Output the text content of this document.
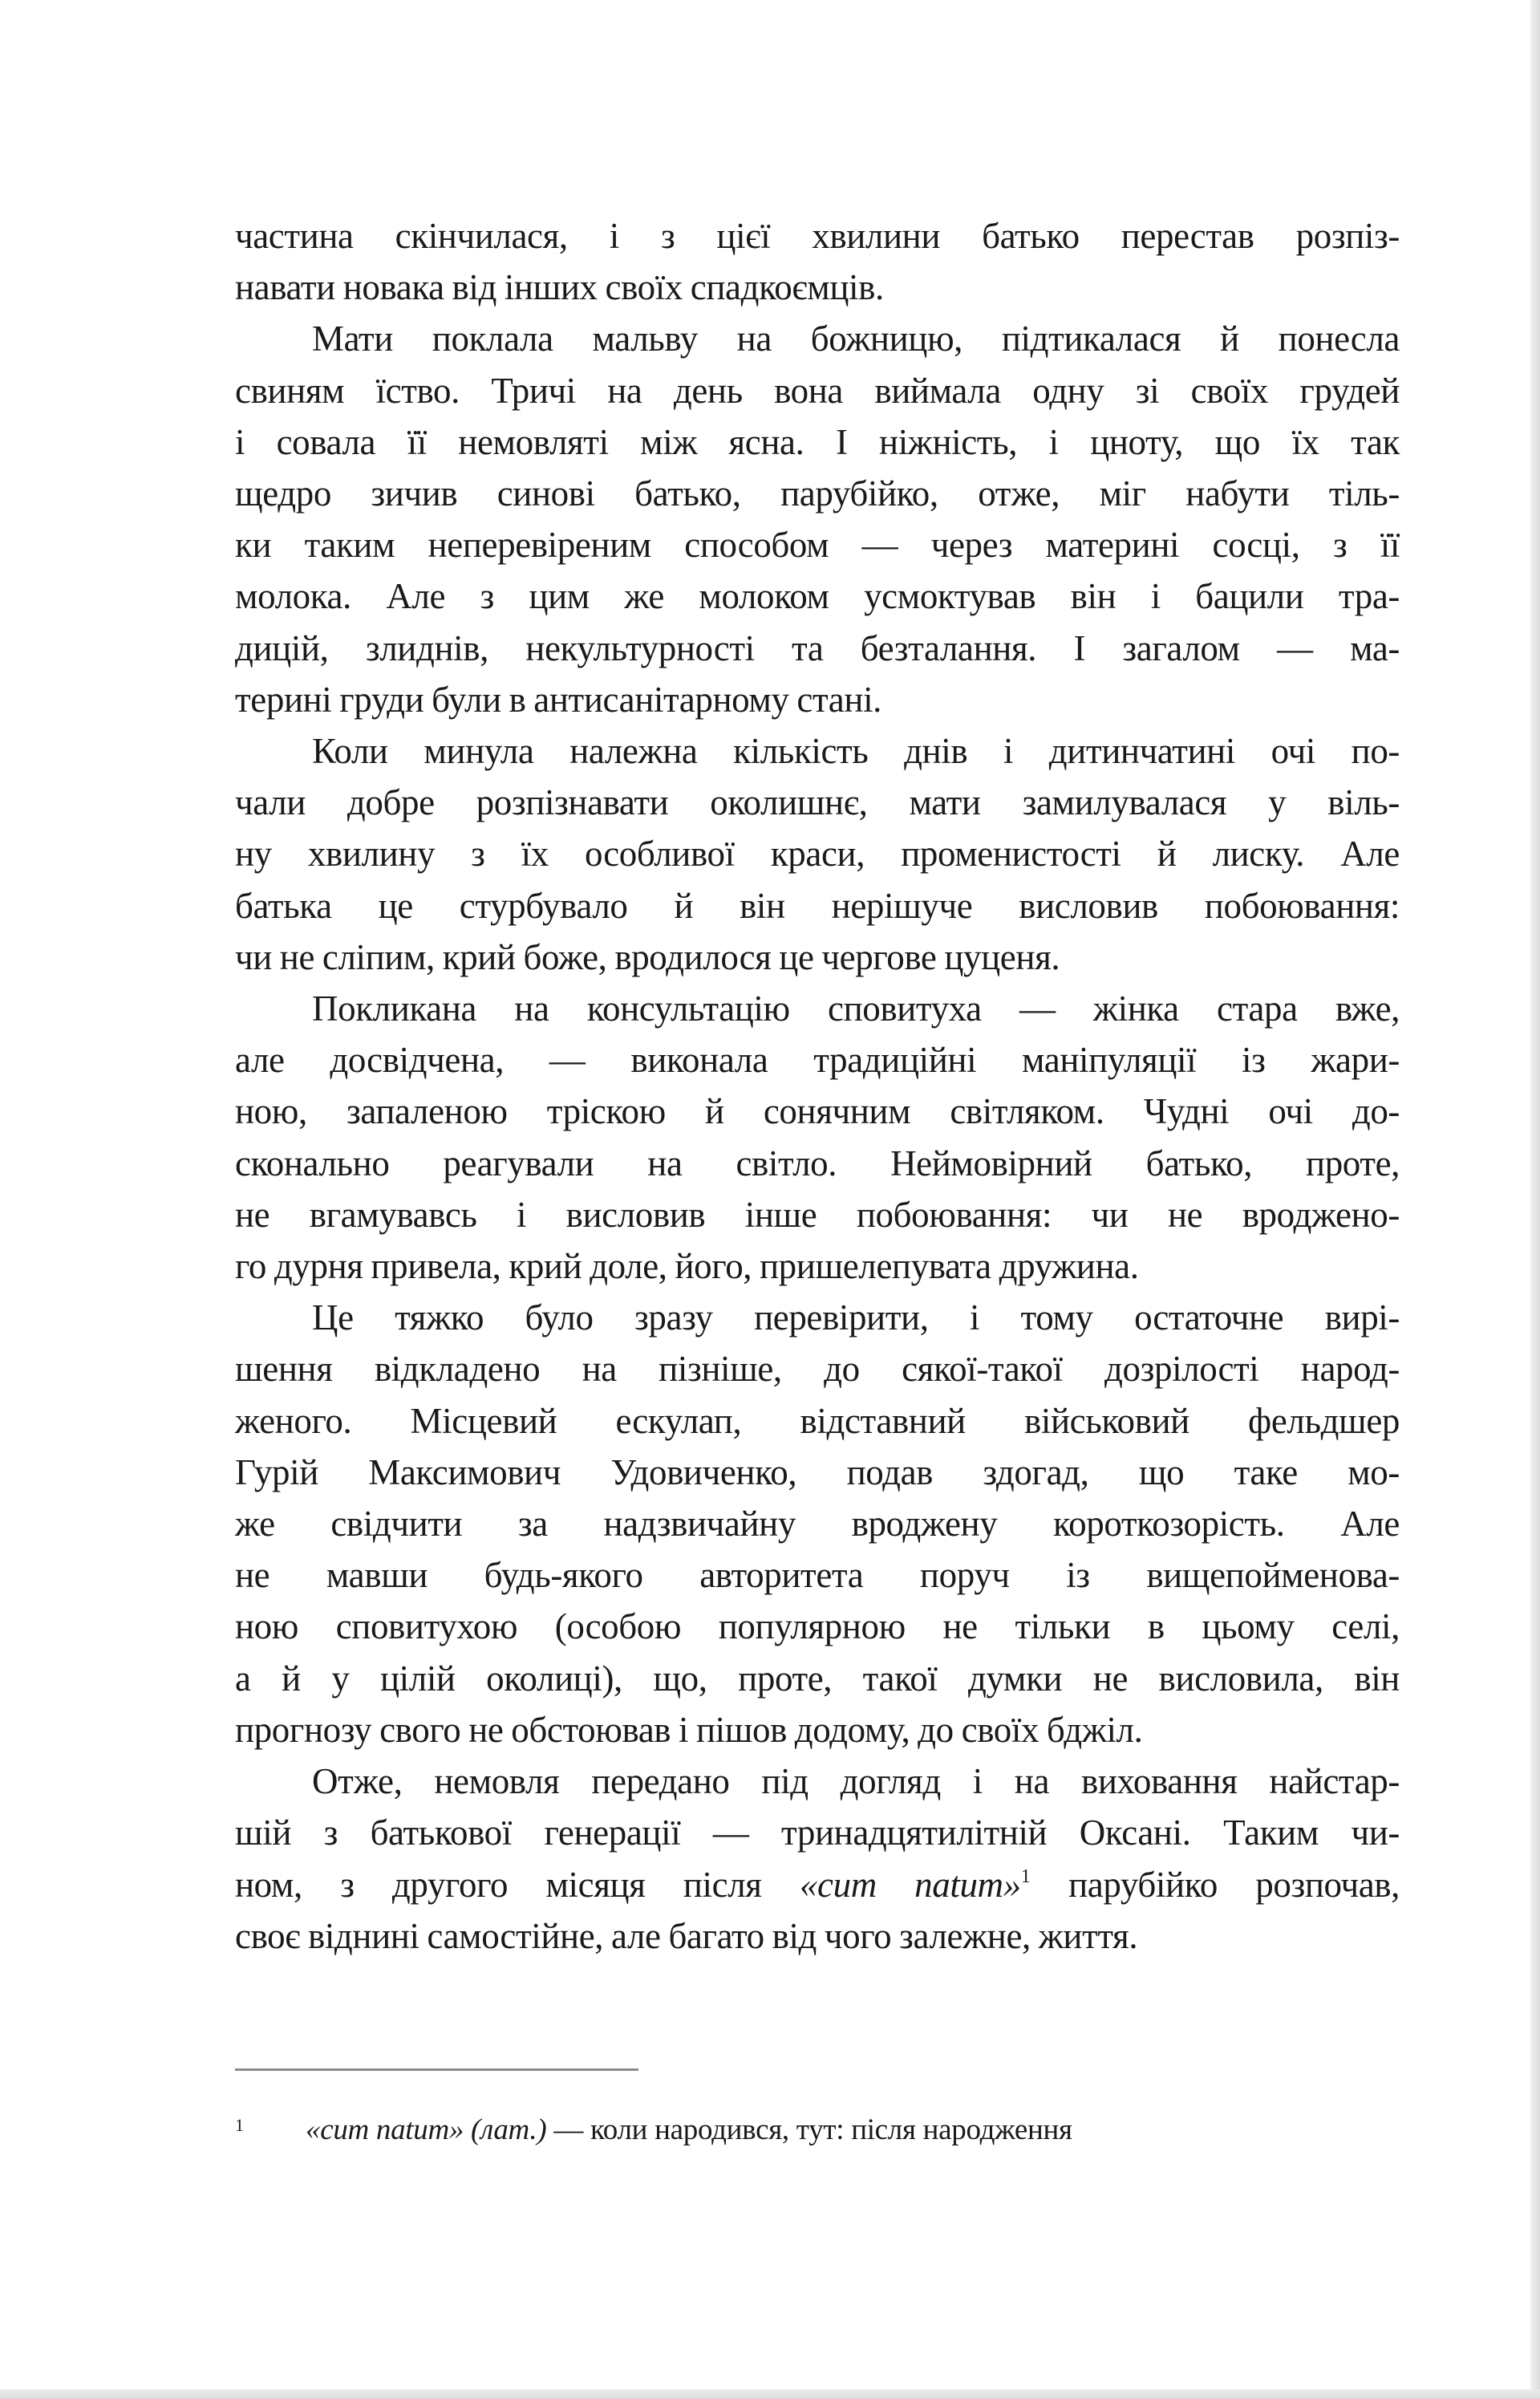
частина скінчилася, і з цієї хвилини батько перестав розпіз-
навати новака від інших своїх спадкоємців.
Мати поклала мальву на божницю, підтикалася й понесла
свиням їство. Тричі на день вона виймала одну зі своїх грудей
і совала її немовляті між ясна. І ніжність, і цноту, що їх так
щедро зичив синові батько, парубійко, отже, міг набути тіль-
ки таким неперевіреним способом — через материні сосці, з її
молока. Але з цим же молоком усмоктував він і бацили тра-
дицій, злиднів, некультурності та безталання. І загалом — ма-
терині груди були в антисанітарному стані.
Коли минула належна кількість днів і дитинчатині очі по-
чали добре розпізнавати околишнє, мати замилувалася у віль-
ну хвилину з їх особливої краси, променистості й лиску. Але
батька це стурбувало й він нерішуче висловив побоювання:
чи не сліпим, крий боже, вродилося це чергове цуценя.
Покликана на консультацію сповитуха — жінка стара вже,
але досвідчена, — виконала традиційні маніпуляції із жари-
ною, запаленою тріскою й сонячним світляком. Чудні очі до-
сконально реагували на світло. Неймовірний батько, проте,
не вгамувавсь і висловив інше побоювання: чи не вроджено-
го дурня привела, крий доле, його, пришелепувата дружина.
Це тяжко було зразу перевірити, і тому остаточне вирі-
шення відкладено на пізніше, до сякої-такої дозрілості народ-
женого. Місцевий ескулап, відставний військовий фельдшер
Гурій Максимович Удовиченко, подав здогад, що таке мо-
же свідчити за надзвичайну вроджену короткозорість. Але
не мавши будь-якого авторитета поруч із вищепойменова-
ною сповитухою (особою популярною не тільки в цьому селі,
а й у цілій околиці), що, проте, такої думки не висловила, він
прогнозу свого не обстоював і пішов додому, до своїх бджіл.
Отже, немовля передано під догляд і на виховання найстар-
шій з батькової генерації — тринадцятилітній Оксані. Таким чи-
ном, з другого місяця після «cum natum»$^1$ парубійко розпочав,
своє віднині самостійне, але багато від чого залежне, життя.
1 «cum natum» (лат.) — коли народився, тут: після народження
